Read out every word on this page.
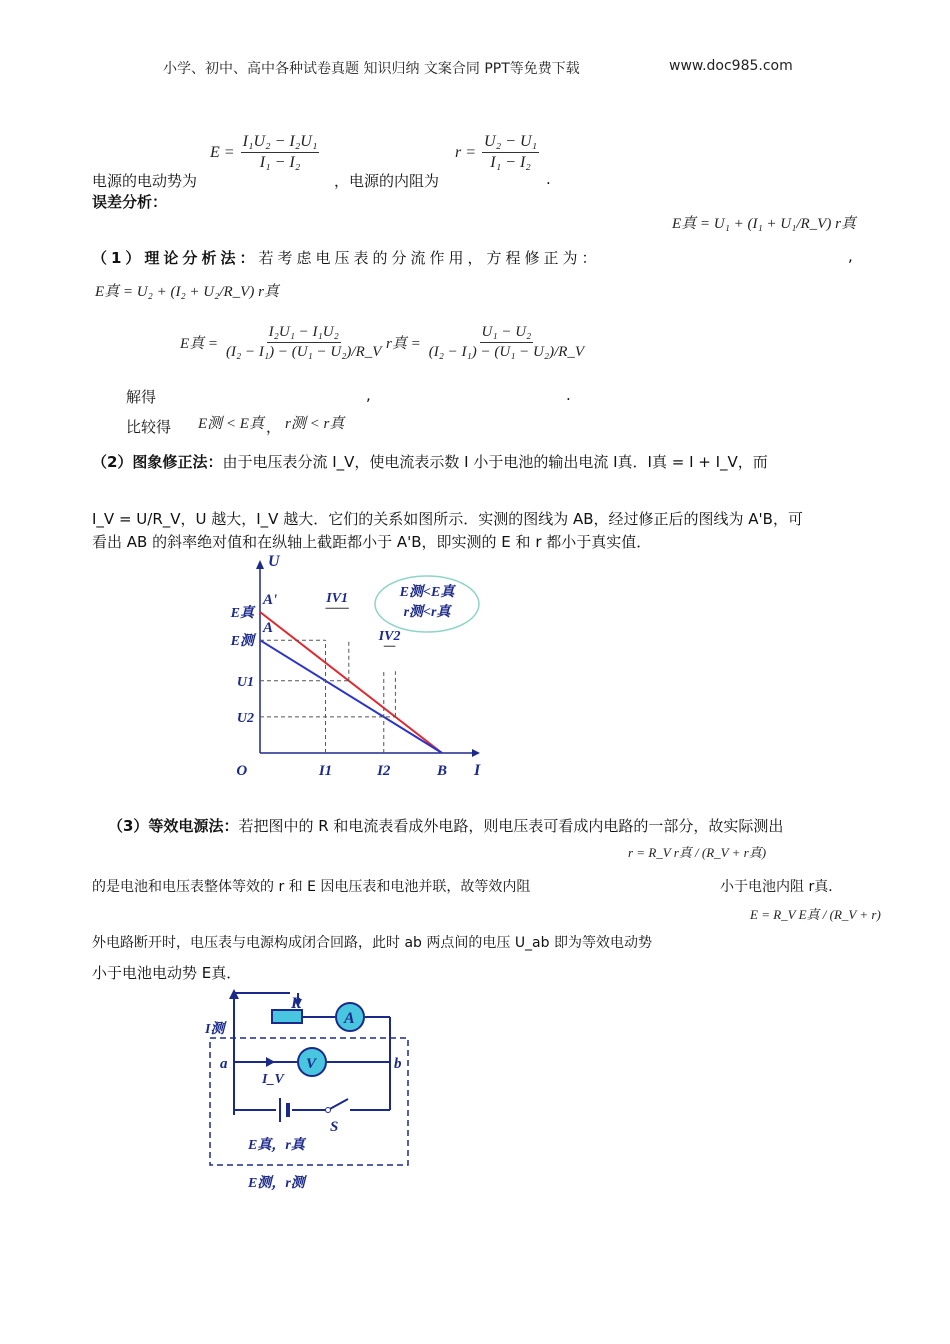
小学、初中、高中各种试卷真题 知识归纳 文案合同 PPT等免费下载	www.doc985.com
电源的电动势为
$E = \frac{\text{I₁U₂ − I₂U₁}}{\text{I₁ − I₂}}$
，电源的内阻为
$r = \frac{\text{U₂ − U₁}}{\text{I₁ − I₂}}$
.
误差分析：
E真 = U₁ + (I₁ + U₁/R_V) r真
（1）理论分析法：若考虑电压表的分流作用，方程修正为：	,
E真 = U₂ + (I₂ + U₂/R_V) r真
E真 = $\frac{\text{I₂U₁ − I₁U₂}}{\text{(I₂ − I₁) − (U₁ − U₂)/R\_V}}$ r真 = $\frac{\text{U₁ − U₂}}{\text{(I₂ − I₁) − (U₁ − U₂)/R\_V}}$
解得	,	.
比较得 E测 < E真 ， r测 < r真
（2）图象修正法：由于电压表分流 I_V，使电流表示数 I 小于电池的输出电流 I真．I真 = I + I_V，而
I_V = U/R_V，U 越大，I_V 越大．它们的关系如图所示．实测的图线为 AB，经过修正后的图线为 A'B，可
看出 AB 的斜率绝对值和在纵轴上截距都小于 A'B，即实测的 E 和 r 都小于真实值．
IV1
IV2
A'
A
E真
E测
U1
U2
O	I1	I2	B I
U
E测<E真
r测<r真
（3）等效电源法：若把图中的 R 和电流表看成外电路，则电压表可看成内电路的一部分，故实际测出
r = R_V r真 / (R_V + r真)
的是电池和电压表整体等效的 r 和 E 因电压表和电池并联，故等效内阻	小于电池内阻 r真．
E = R_V E真 / (R_V + r)
外电路断开时，电压表与电源构成闭合回路，此时 ab 两点间的电压 U_ab 即为等效电动势
小于电池电动势 E真．
R
A
V
I测
a	b
I_V
S
E真，r真
E测，r测
